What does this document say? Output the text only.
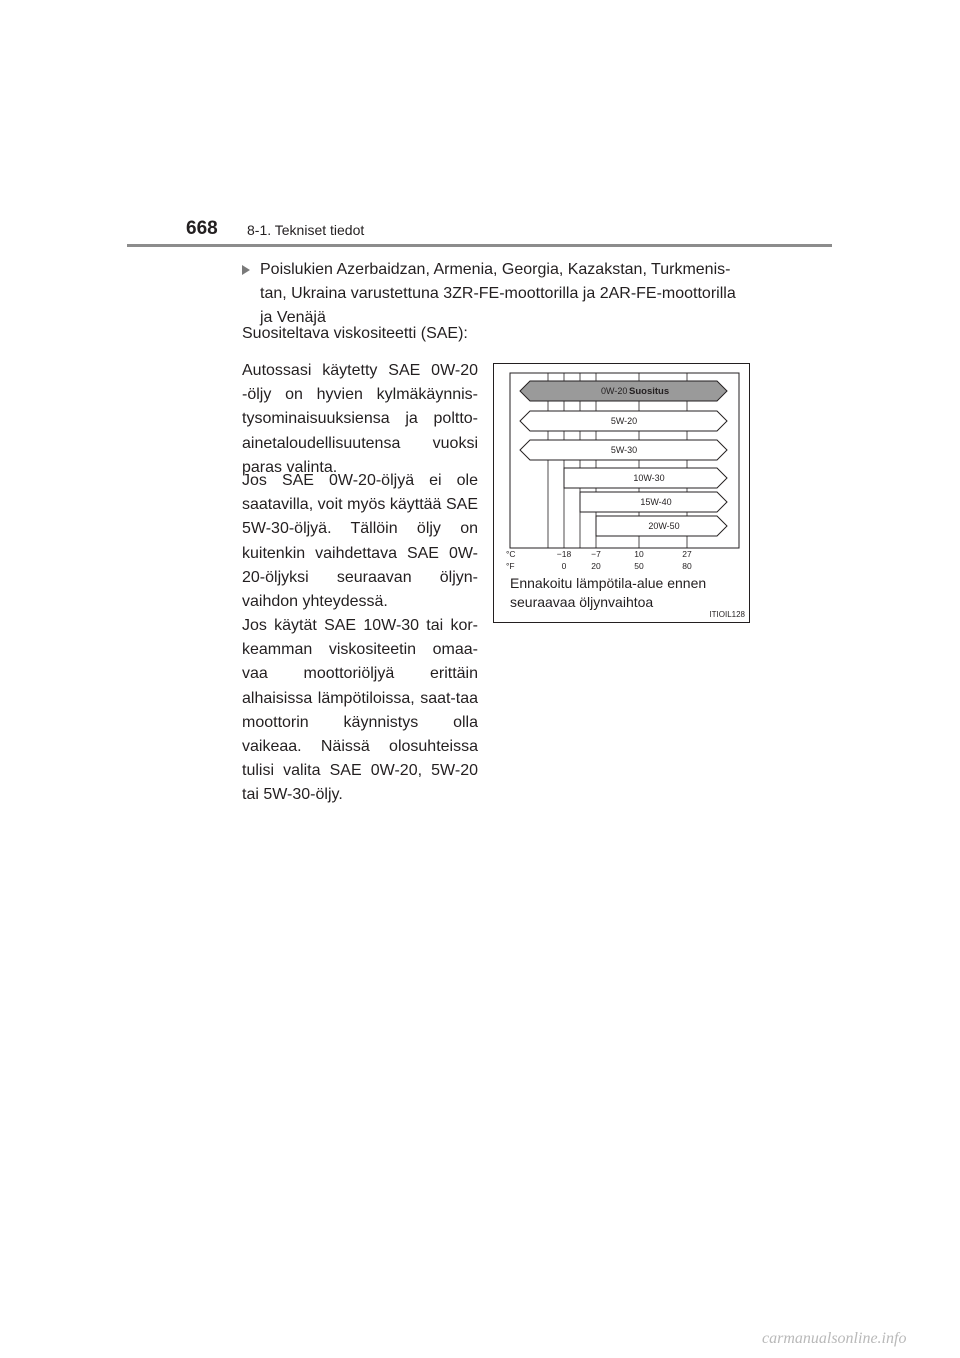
668 8-1. Tekniset tiedot
Poislukien Azerbaidzan, Armenia, Georgia, Kazakstan, Turkmenis-tan, Ukraina varustettuna 3ZR-FE-moottorilla ja 2AR-FE-moottorilla ja Venäjä
Suositeltava viskositeetti (SAE):
Autossasi käytetty SAE 0W-20 -öljy on hyvien kylmäkäynnis-tysominaisuuksiensa ja poltto-ainetaloudellisuutensa vuoksi paras valinta.
Jos SAE 0W-20-öljyä ei ole saatavilla, voit myös käyttää SAE 5W-30-öljyä. Tällöin öljy on kuitenkin vaihdettava SAE 0W-20-öljyksi seuraavan öljyn-vaihdon yhteydessä.
Jos käytät SAE 10W-30 tai kor-keamman viskositeetin omaa-vaa moottoriöljyä erittäin alhaisissa lämpötiloissa, saat-taa moottorin käynnistys olla vaikeaa. Näissä olosuhteissa tulisi valita SAE 0W-20, 5W-20 tai 5W-30-öljy.
0W-20 Suositus
5W-20
5W-30
10W-30
15W-40
20W-50
°C
°F
−18 −7	10	27
0	20	50	80
Ennakoitu lämpötila-alue ennen seuraavaa öljynvaihtoa
ITIOIL128
carmanualsonline.info
